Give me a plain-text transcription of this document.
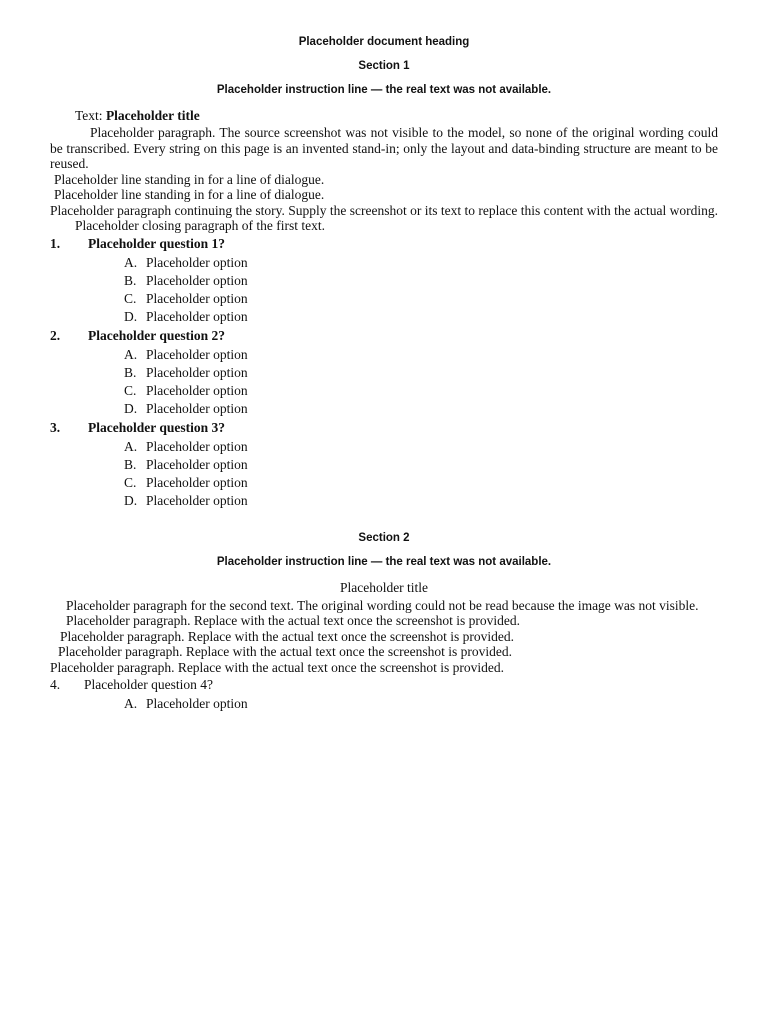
Placeholder document heading
Section 1
Placeholder instruction line — the real text was not available.
Text: Placeholder title

Placeholder paragraph. The source screenshot was not visible to the model, so none of the original wording could be transcribed. Every string on this page is an invented stand-in; only the layout and data-binding structure are meant to be reused.

Placeholder line standing in for a line of dialogue.

Placeholder line standing in for a line of dialogue.

Placeholder paragraph continuing the story. Supply the screenshot or its text to replace this content with the actual wording.

Placeholder closing paragraph of the first text.

1.	Placeholder question 1?
A. Placeholder option
B. Placeholder option
C. Placeholder option
D. Placeholder option
2.	Placeholder question 2?
A. Placeholder option
B. Placeholder option
C. Placeholder option
D. Placeholder option
3.	Placeholder question 3?
A. Placeholder option
B. Placeholder option
C. Placeholder option
D. Placeholder option
Section 2
Placeholder instruction line — the real text was not available.
Placeholder title

Placeholder paragraph for the second text. The original wording could not be read because the image was not visible.

Placeholder paragraph. Replace with the actual text once the screenshot is provided.

Placeholder paragraph. Replace with the actual text once the screenshot is provided.

Placeholder paragraph. Replace with the actual text once the screenshot is provided.

Placeholder paragraph. Replace with the actual text once the screenshot is provided.

4.	Placeholder question 4?
A. Placeholder option
